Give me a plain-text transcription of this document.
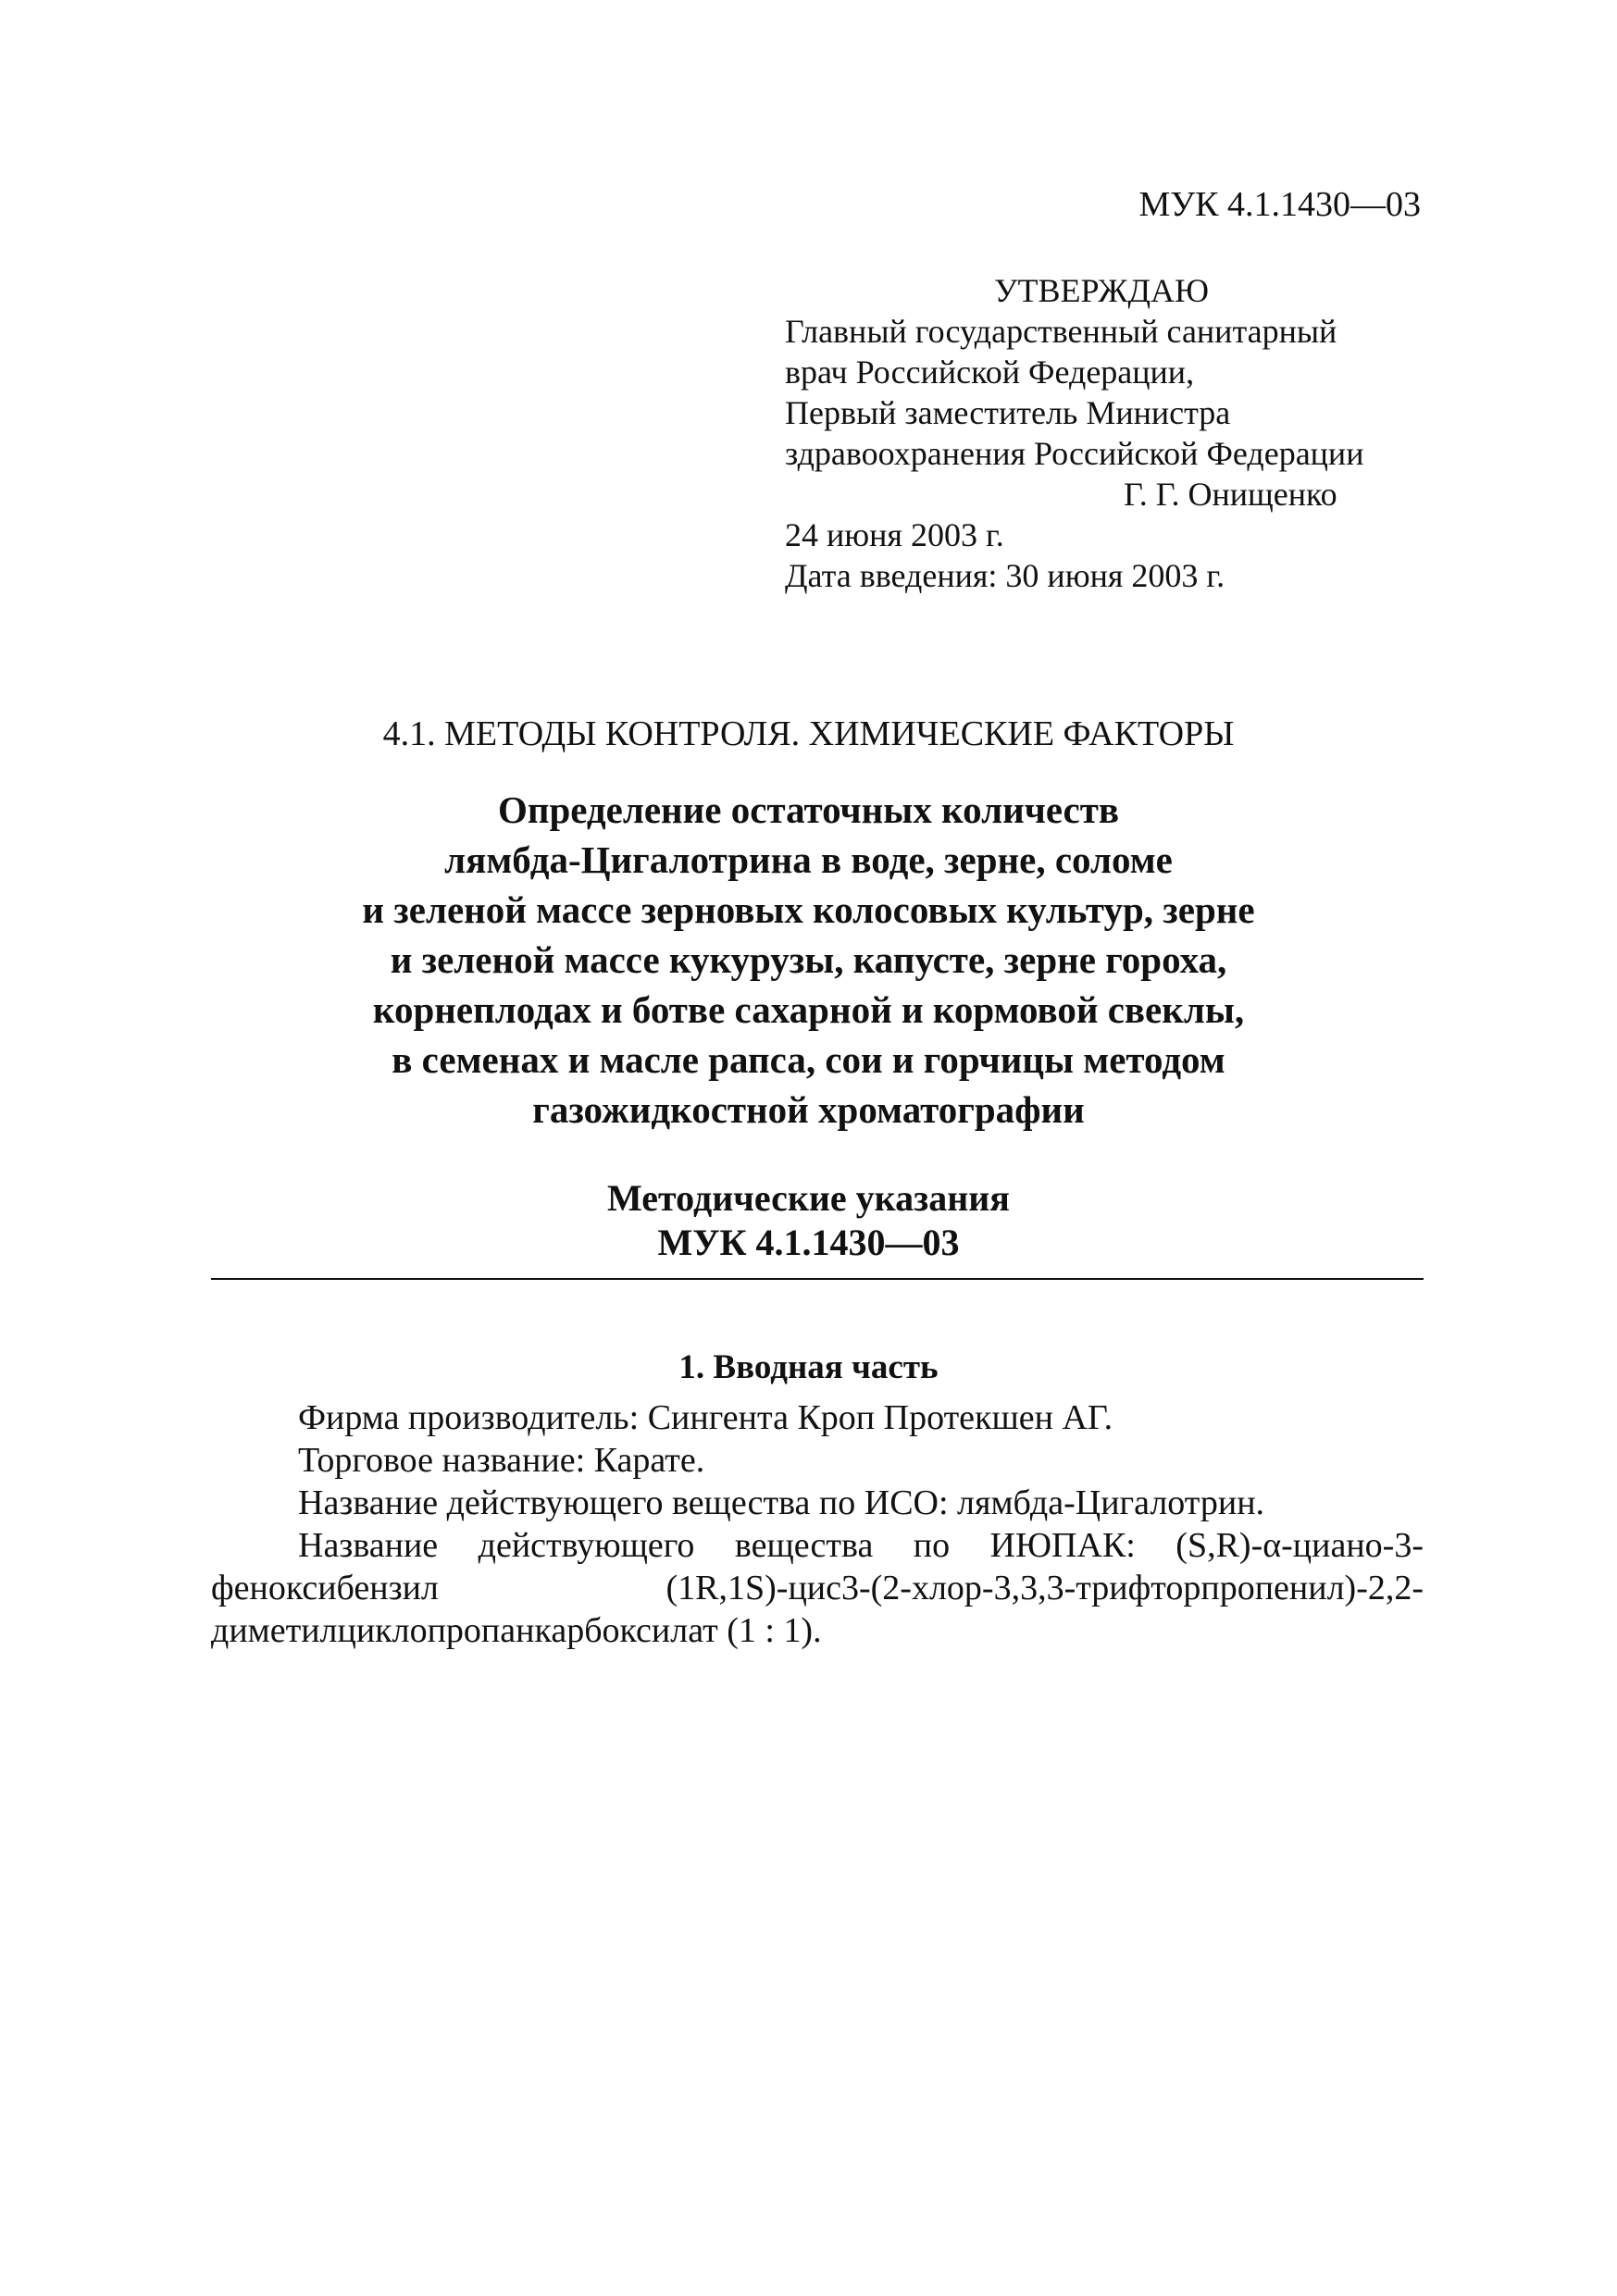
МУК 4.1.1430—03
УТВЕРЖДАЮ
Главный государственный санитарный
врач Российской Федерации,
Первый заместитель Министра
здравоохранения Российской Федерации
Г. Г. Онищенко
24 июня 2003 г.
Дата введения: 30 июня 2003 г.
4.1. МЕТОДЫ КОНТРОЛЯ. ХИМИЧЕСКИЕ ФАКТОРЫ
Определение остаточных количеств
лямбда-Цигалотрина в воде, зерне, соломе
и зеленой массе зерновых колосовых культур, зерне
и зеленой массе кукурузы, капусте, зерне гороха,
корнеплодах и ботве сахарной и кормовой свеклы,
в семенах и масле рапса, сои и горчицы методом
газожидкостной хроматографии
Методические указания
МУК 4.1.1430—03
1. Вводная часть

Фирма производитель: Сингента Кроп Протекшен АГ.

Торговое название: Карате.

Название действующего вещества по ИСО: лямбда-Цигалотрин.

Название действующего вещества по ИЮПАК: (S,R)-α-циано-3-
феноксибензил (1R,1S)-цис3-(2-хлор-3,3,3-трифторпропенил)-2,2-
диметилциклопропанкарбоксилат (1 : 1).
